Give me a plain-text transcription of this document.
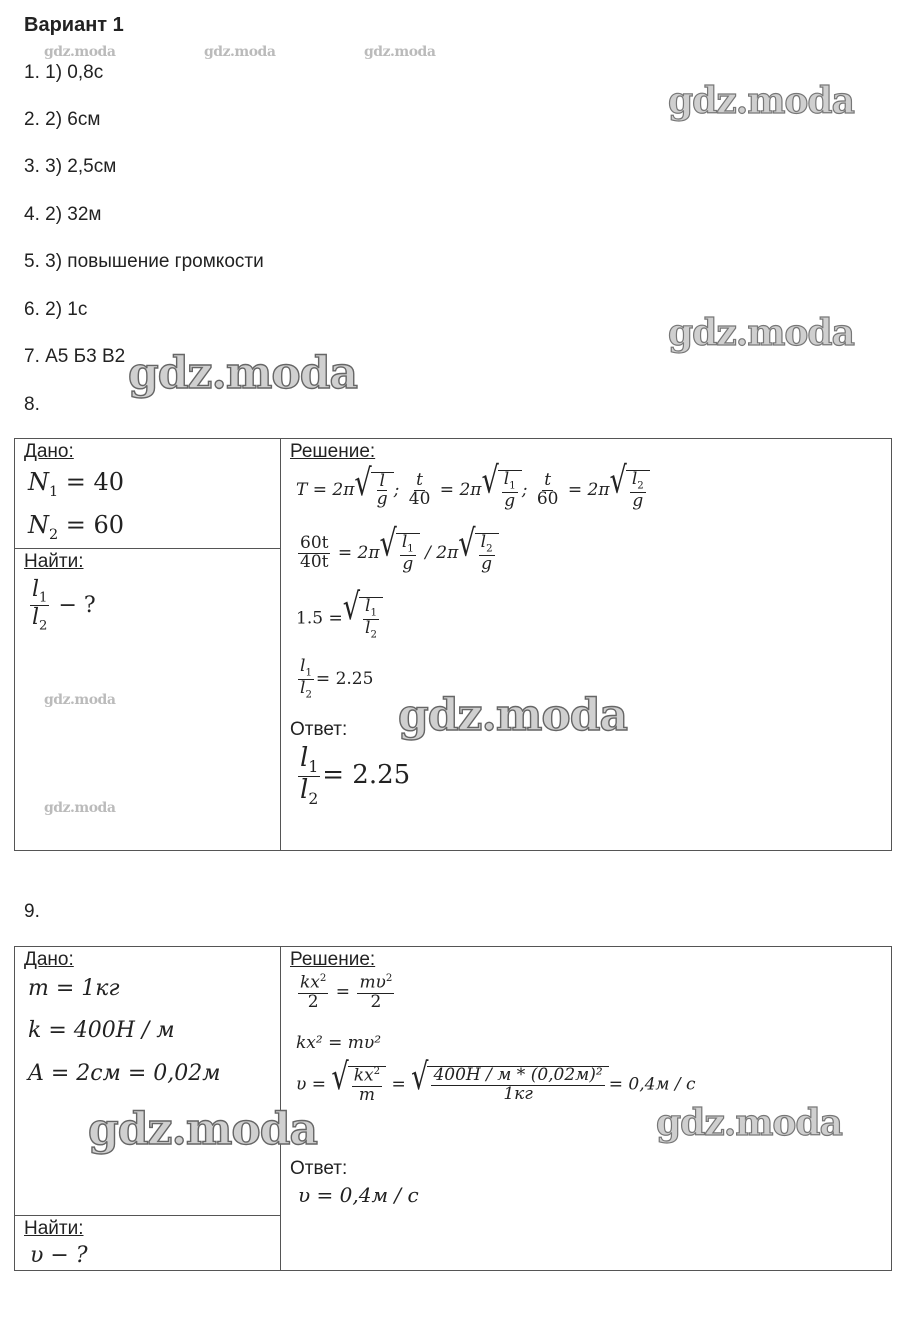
Вариант 1
gdz.moda	gdz.moda	gdz.moda
gdz.moda
gdz.moda
1. 1) 0,8с
2. 2) 6см
3. 3) 2,5см
4. 2) 32м
5. 3) повышение громкости
6. 2) 1с
7. А5 Б3 В2
8.
gdz.moda
gdz.moda
Дано:
$N_1 = 40$
$N_2 = 60$
Найти:
$\frac{l_1}{l_2}$ − ?
Решение:
T = 2π √ $\frac{l}{g}$ ; $\frac{t}{40} = 2\pi$ √ $\frac{l_1}{g}$ ; $\frac{t}{60} = 2\pi$ √ $\frac{l_2}{g}$
$\frac{60t}{40t} = 2\pi$ √ $\frac{l_1}{g} / 2\pi$ √ $\frac{l_2}{g}$
1.5 = √ $\frac{l_1}{l_2}$
$\frac{l_1}{l_2} = 2.25$
Ответ:
$\frac{l_1}{l_2} = 2.25$
gdz.moda
gdz.moda
9.
Дано:
m = 1кг
k = 400Н / м
A = 2см = 0,02м
Найти:
υ − ?
Решение:
$\frac{kx^2}{2} = \frac{m\upsilon^2}{2}$
kx² = mυ²
υ = √ $\frac{kx^2}{m}$ = √ $\frac{\text{400Н / м * (0,02м)²}}{1кг} = 0,4м / с$
Ответ:
υ = 0,4м / с
gdz.moda	gdz.moda
